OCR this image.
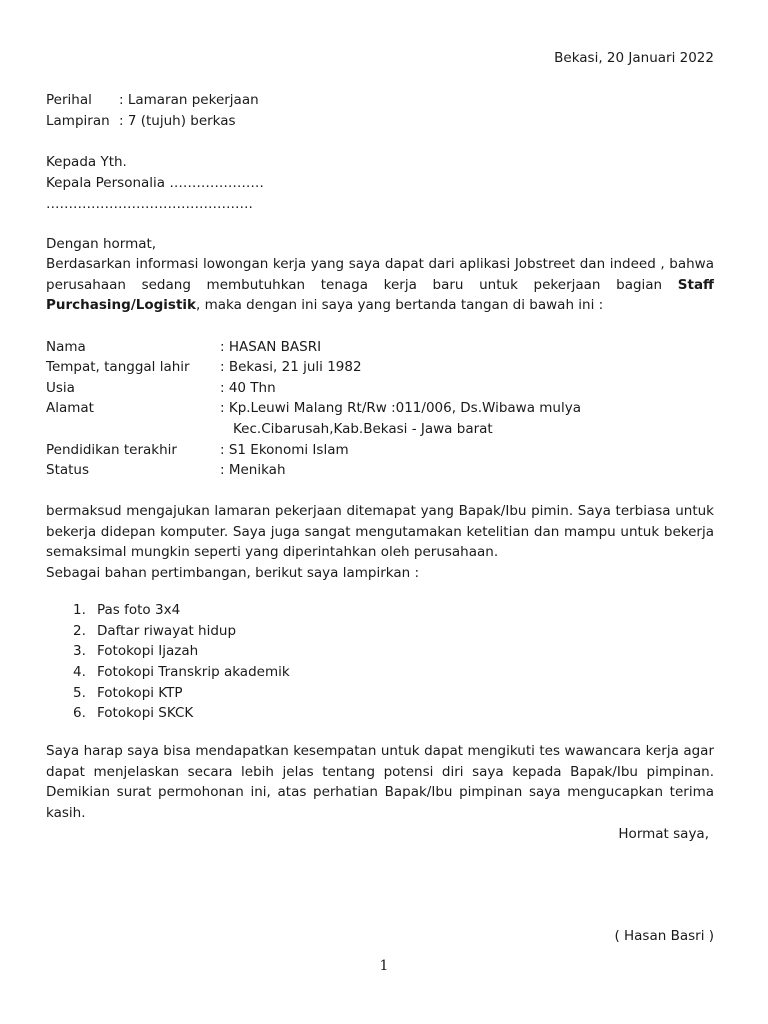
Bekasi, 20 Januari 2022
Perihal : Lamaran pekerjaan
Lampiran : 7 (tujuh) berkas
Kepada Yth.
Kepala Personalia …………………
……………………………………….
Dengan hormat,
Berdasarkan informasi lowongan kerja yang saya dapat dari aplikasi Jobstreet dan indeed , bahwa perusahaan sedang membutuhkan tenaga kerja baru untuk pekerjaan bagian Staff Purchasing/Logistik, maka dengan ini saya yang bertanda tangan di bawah ini :
Nama	: HASAN BASRI
Tempat, tanggal lahir : Bekasi, 21 juli 1982
Usia	: 40 Thn
Alamat	: Kp.Leuwi Malang Rt/Rw :011/006, Ds.Wibawa mulya
Kec.Cibarusah,Kab.Bekasi - Jawa barat
Pendidikan terakhir	: S1 Ekonomi Islam
Status	: Menikah
bermaksud mengajukan lamaran pekerjaan ditemapat yang Bapak/Ibu pimin. Saya terbiasa untuk bekerja didepan komputer. Saya juga sangat mengutamakan ketelitian dan mampu untuk bekerja semaksimal mungkin seperti yang diperintahkan oleh perusahaan.
Sebagai bahan pertimbangan, berikut saya lampirkan :
1. Pas foto 3x4
2. Daftar riwayat hidup
3. Fotokopi Ijazah
4. Fotokopi Transkrip akademik
5. Fotokopi KTP
6. Fotokopi SKCK
Saya harap saya bisa mendapatkan kesempatan untuk dapat mengikuti tes wawancara kerja agar dapat menjelaskan secara lebih jelas tentang potensi diri saya kepada Bapak/Ibu pimpinan. Demikian surat permohonan ini, atas perhatian Bapak/Ibu pimpinan saya mengucapkan terima kasih.
Hormat saya,
( Hasan Basri )
1
